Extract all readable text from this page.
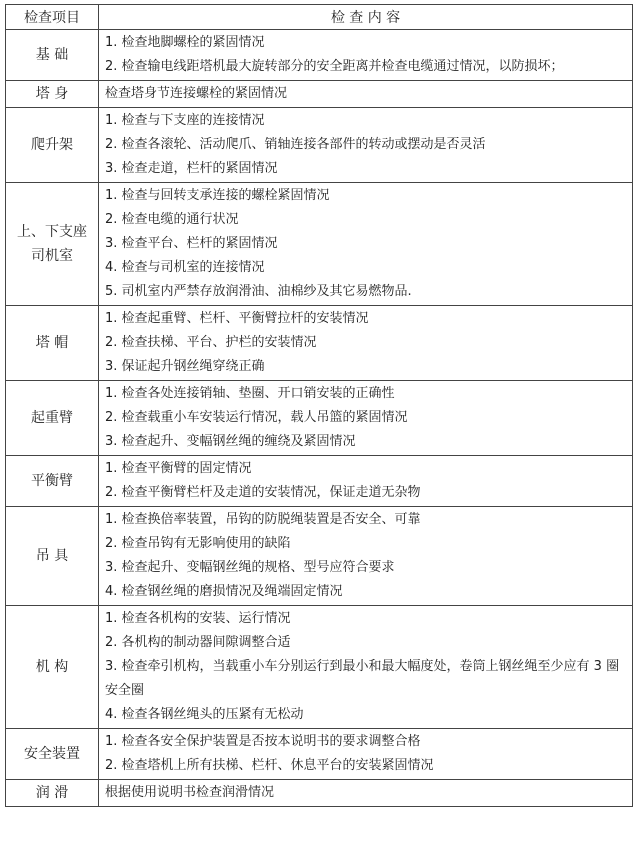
检查项目	检 查 内 容
基 础	1. 检查地脚螺栓的紧固情况
2. 检查输电线距塔机最大旋转部分的安全距离并检查电缆通过情况，以防损坏；

塔 身	检查塔身节连接螺栓的紧固情况

爬升架	1. 检查与下支座的连接情况
2. 检查各滚轮、活动爬爪、销轴连接各部件的转动或摆动是否灵活
3. 检查走道，栏杆的紧固情况

上、下支座 司机室	1. 检查与回转支承连接的螺栓紧固情况
2. 检查电缆的通行状况
3. 检查平台、栏杆的紧固情况
4. 检查与司机室的连接情况
5. 司机室内严禁存放润滑油、油棉纱及其它易燃物品.

塔 帽	1. 检查起重臂、栏杆、平衡臂拉杆的安装情况
2. 检查扶梯、平台、护栏的安装情况
3. 保证起升钢丝绳穿绕正确

起重臂	1. 检查各处连接销轴、垫圈、开口销安装的正确性
2. 检查载重小车安装运行情况，载人吊篮的紧固情况
3. 检查起升、变幅钢丝绳的缠绕及紧固情况

平衡臂	1. 检查平衡臂的固定情况
2. 检查平衡臂栏杆及走道的安装情况，保证走道无杂物

吊 具	1. 检查换倍率装置，吊钩的防脱绳装置是否安全、可靠
2. 检查吊钩有无影响使用的缺陷
3. 检查起升、变幅钢丝绳的规格、型号应符合要求
4. 检查钢丝绳的磨损情况及绳端固定情况

机 构	1. 检查各机构的安装、运行情况
2. 各机构的制动器间隙调整合适
3. 检查牵引机构，当载重小车分别运行到最小和最大幅度处，卷筒上钢丝绳至少应有 3 圈安全圈
4. 检查各钢丝绳头的压紧有无松动

安全装置	1. 检查各安全保护装置是否按本说明书的要求调整合格
2. 检查塔机上所有扶梯、栏杆、休息平台的安装紧固情况

润 滑	根据使用说明书检查润滑情况
